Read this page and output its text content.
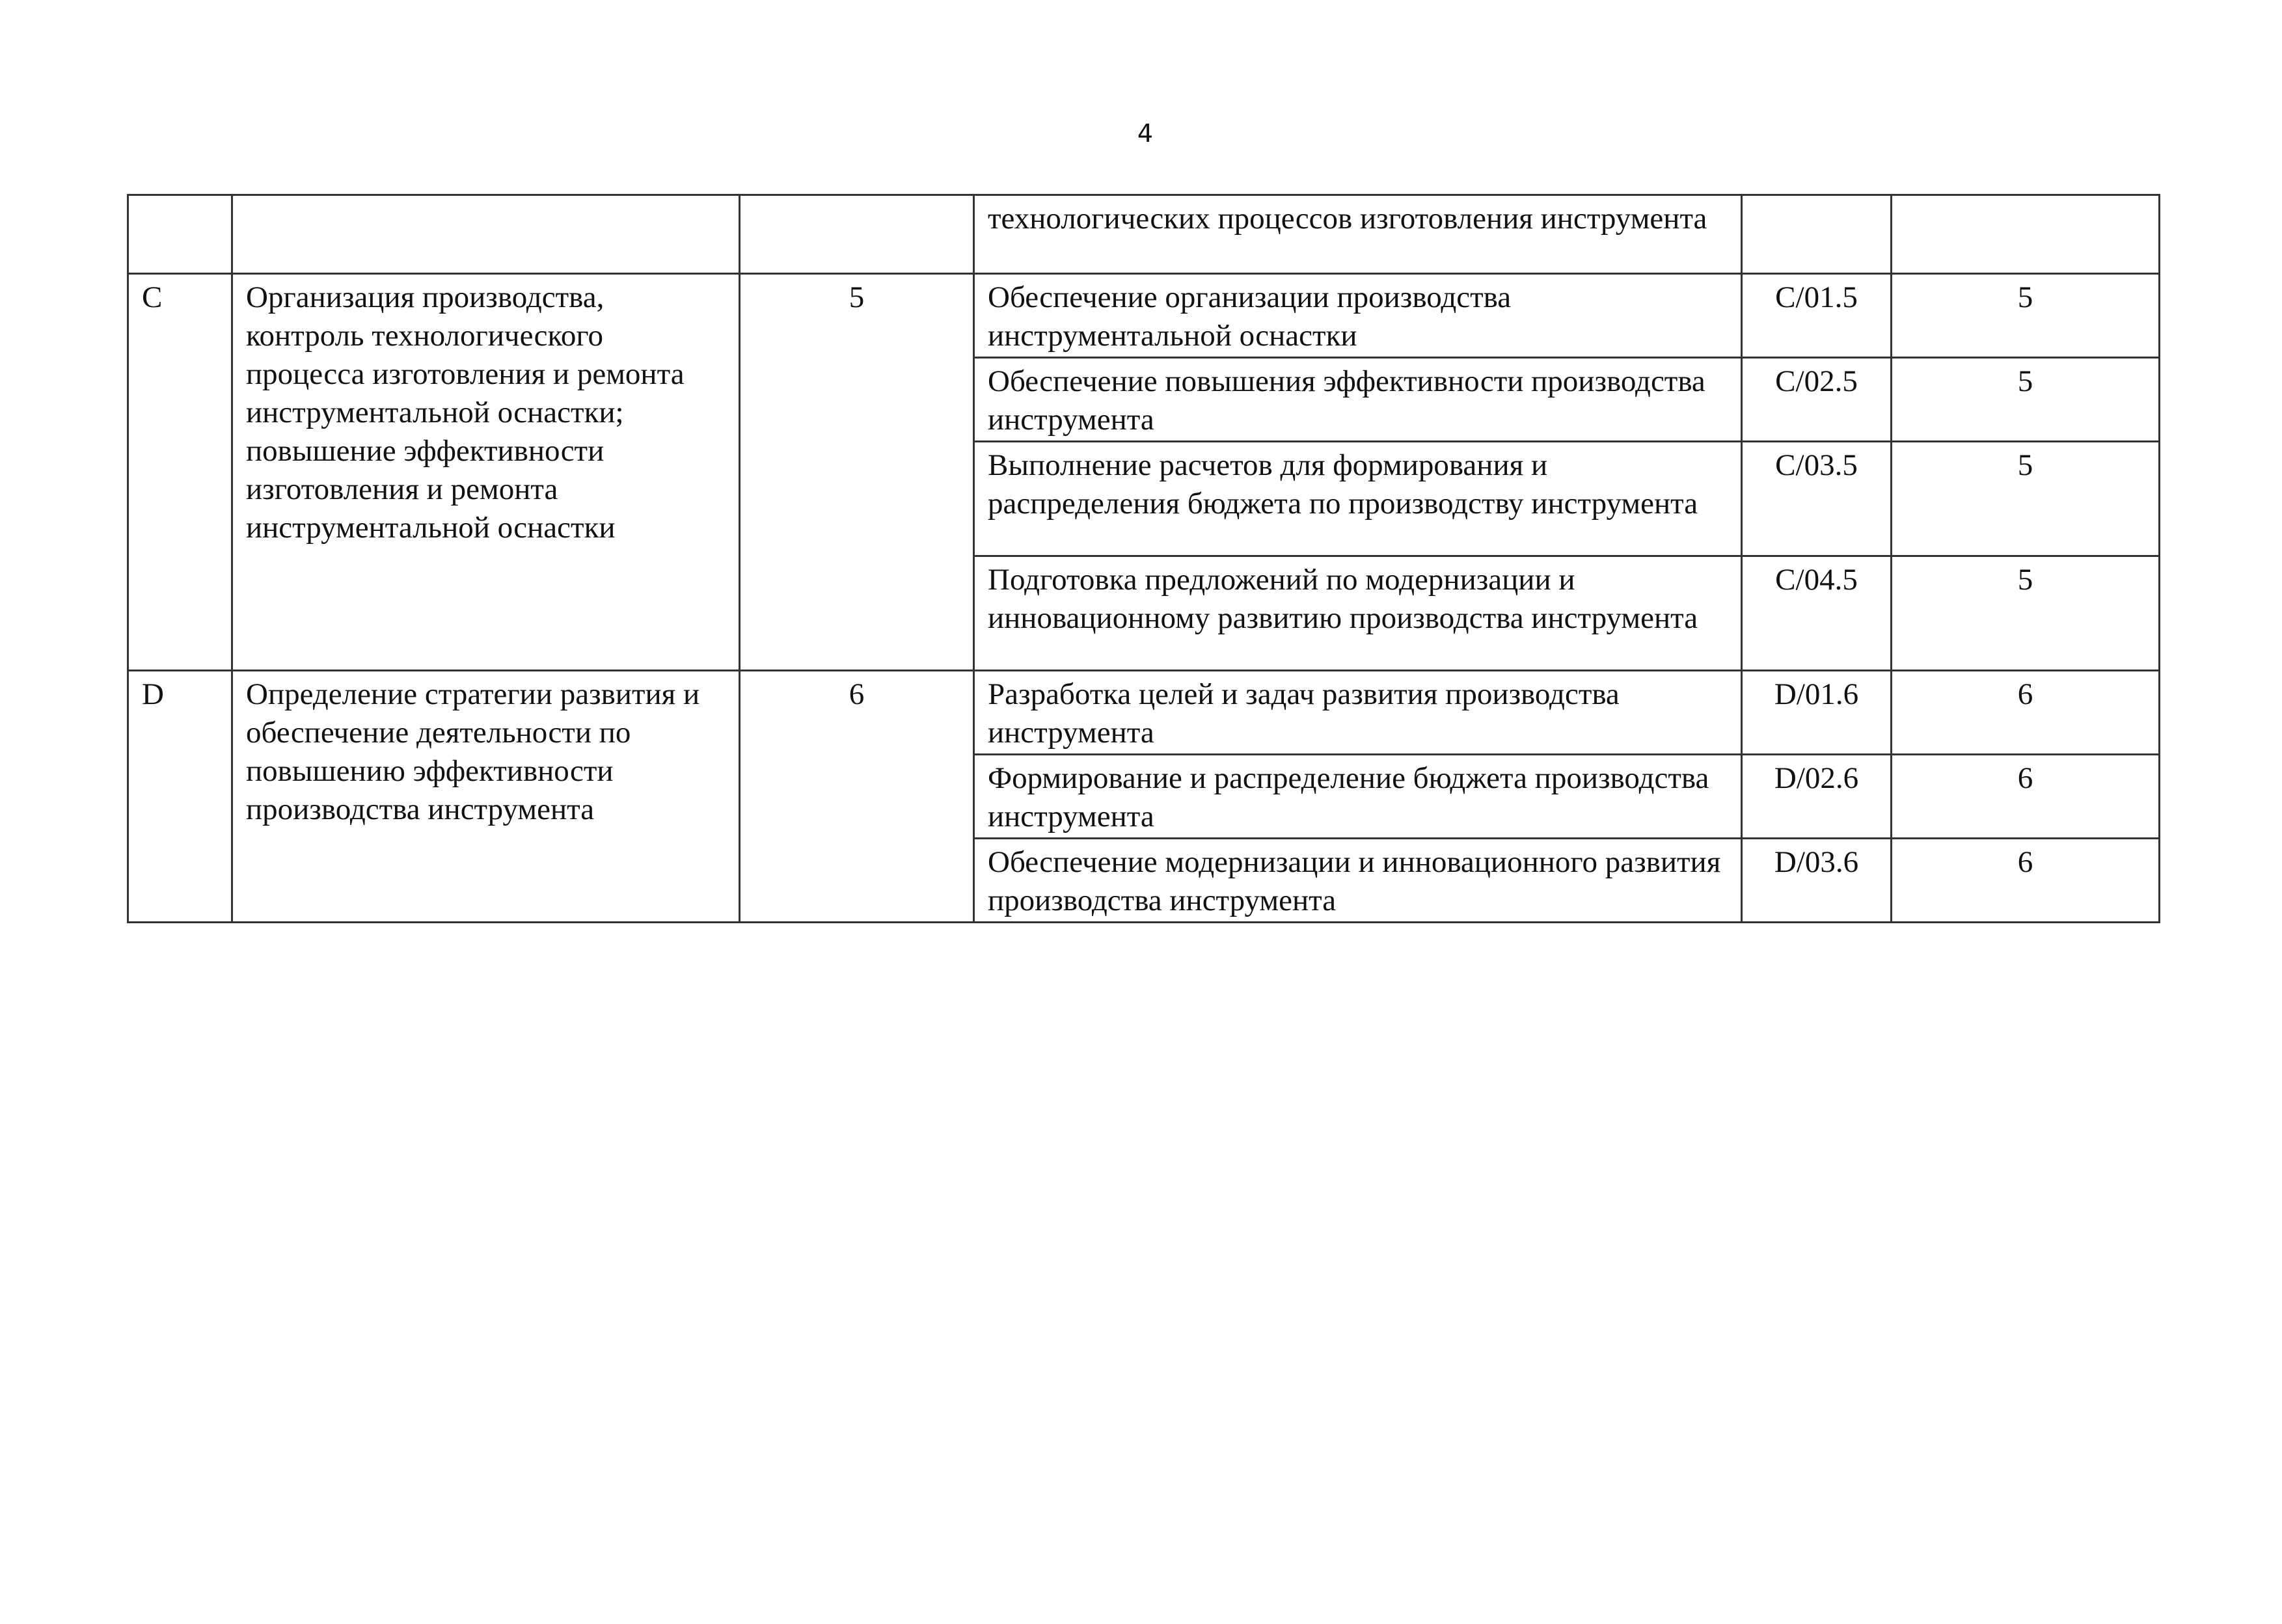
4
			технологических процессов изготовления инструмента		
C	Организация производства, контроль технологического процесса изготовления и ремонта инструментальной оснастки; повышение эффективности изготовления и ремонта инструментальной оснастки	5	Обеспечение организации производства инструментальной оснастки	C/01.5	5
			Обеспечение повышения эффективности производства инструмента	C/02.5	5
			Выполнение расчетов для формирования и распределения бюджета по производству инструмента	C/03.5	5
			Подготовка предложений по модернизации и инновационному развитию производства инструмента	C/04.5	5
D	Определение стратегии развития и обеспечение деятельности по повышению эффективности производства инструмента	6	Разработка целей и задач развития производства инструмента	D/01.6	6
			Формирование и распределение бюджета производства инструмента	D/02.6	6
			Обеспечение модернизации и инновационного развития производства инструмента	D/03.6	6
